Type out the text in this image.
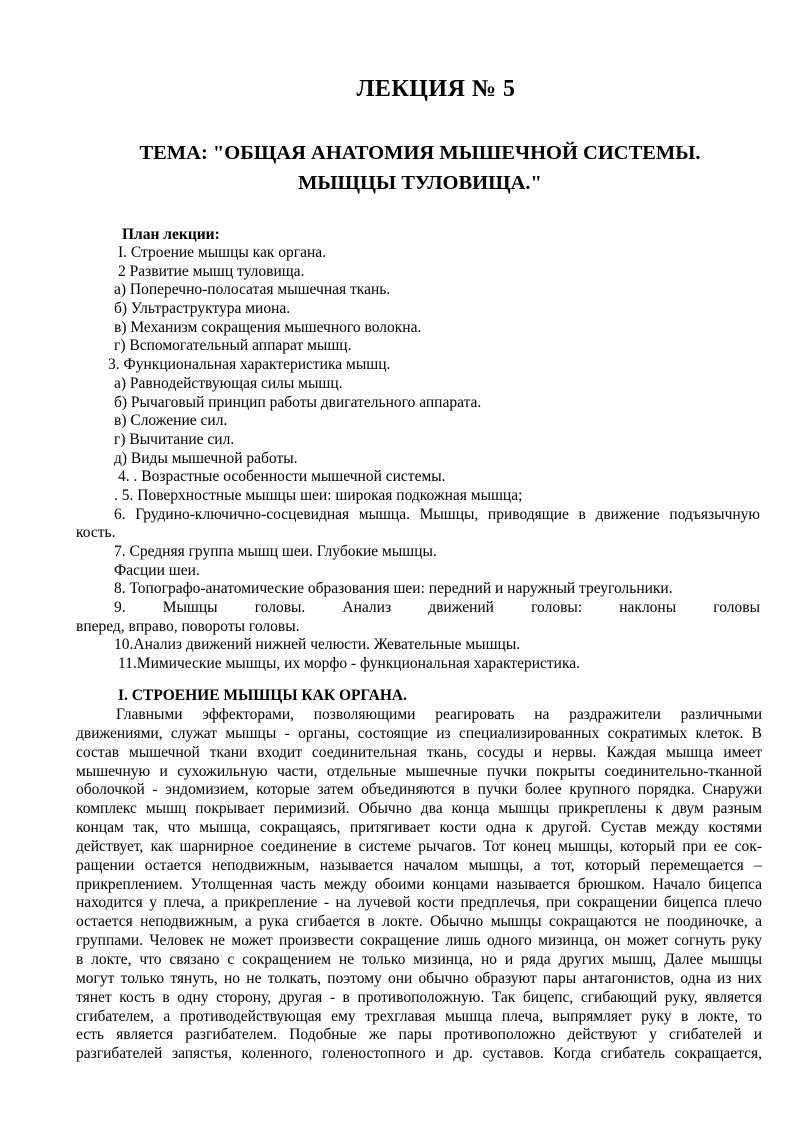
ЛЕКЦИЯ № 5
ТЕМА: "ОБЩАЯ АНАТОМИЯ МЫШЕЧНОЙ СИСТЕМЫ.
МЫЩЦЫ ТУЛОВИЩА."
План лекции:
I. Строение мышцы как органа.
2 Развитие мышц туловища.
а) Поперечно-полосатая мышечная ткань.
б) Ультраструктура миона.
в) Механизм сокращения мышечного волокна.
г) Вспомогательный аппарат мышц.
3. Функциональная характеристика мышц.
а) Равнодействующая силы мышц.
б) Рычаговый принцип работы двигательного аппарата.
в) Сложение сил.
г) Вычитание сил.
д) Виды мышечной работы.
4. . Возрастные особенности мышечной системы.
. 5. Поверхностные мышцы шеи: широкая подкожная мышца;
6. Грудино-ключично-сосцевидная мышца. Мышцы, приводящие в движение подъязычную кость.
7. Средняя группа мышц шеи. Глубокие мышцы.
Фасции шеи.
8. Топографо-анатомические образования шеи: передний и наружный треугольники.
9. Мышцы головы. Анализ движений головы: наклоны головы
вперед, вправо, повороты головы.
10.Анализ движений нижней челюсти. Жевательные мышцы.
11.Мимические мышцы, их морфо - функциональная характеристика.
I. СТРОЕНИЕ МЫШЦЫ КАК ОРГАНА.
Главными эффекторами, позволяющими реагировать на раздражители различными
движениями, служат мышцы - органы, состоящие из специализированных сократимых клеток. В
состав мышечной ткани входит соединительная ткань, сосуды и нервы. Каждая мышца имеет
мышечную и сухожильную части, отдельные мышечные пучки покрыты соединительно-тканной
оболочкой - эндомизием, которые затем объединяются в пучки более крупного порядка. Снаружи
комплекс мышц покрывает перимизий. Обычно два конца мышцы прикреплены к двум разным
концам так, что мышца, сокращаясь, притягивает кости одна к другой. Сустав между костями
действует, как шарнирное соединение в системе рычагов. Тот конец мышцы, который при ее сок-
ращении остается неподвижным, называется началом мышцы, а тот, который перемещается –
прикреплением. Утолщенная часть между обоими концами называется брюшком. Начало бицепса
находится у плеча, а прикрепление - на лучевой кости предплечья, при сокращении бицепса плечо
остается неподвижным, а рука сгибается в локте. Обычно мышцы сокращаются не поодиночке, а
группами. Человек не может произвести сокращение лишь одного мизинца, он может согнуть руку
в локте, что связано с сокращением не только мизинца, но и ряда других мышц, Далее мышцы
могут только тянуть, но не толкать, поэтому они обычно образуют пары антагонистов, одна из них
тянет кость в одну сторону, другая - в противоположную. Так бицепс, сгибающий руку, является
сгибателем, а противодействующая ему трехглавая мышца плеча, выпрямляет руку в локте, то
есть является разгибателем. Подобные же пары противоположно действуют у сгибателей и
разгибателей запястья, коленного, голеностопного и др. суставов. Когда сгибатель сокращается,
